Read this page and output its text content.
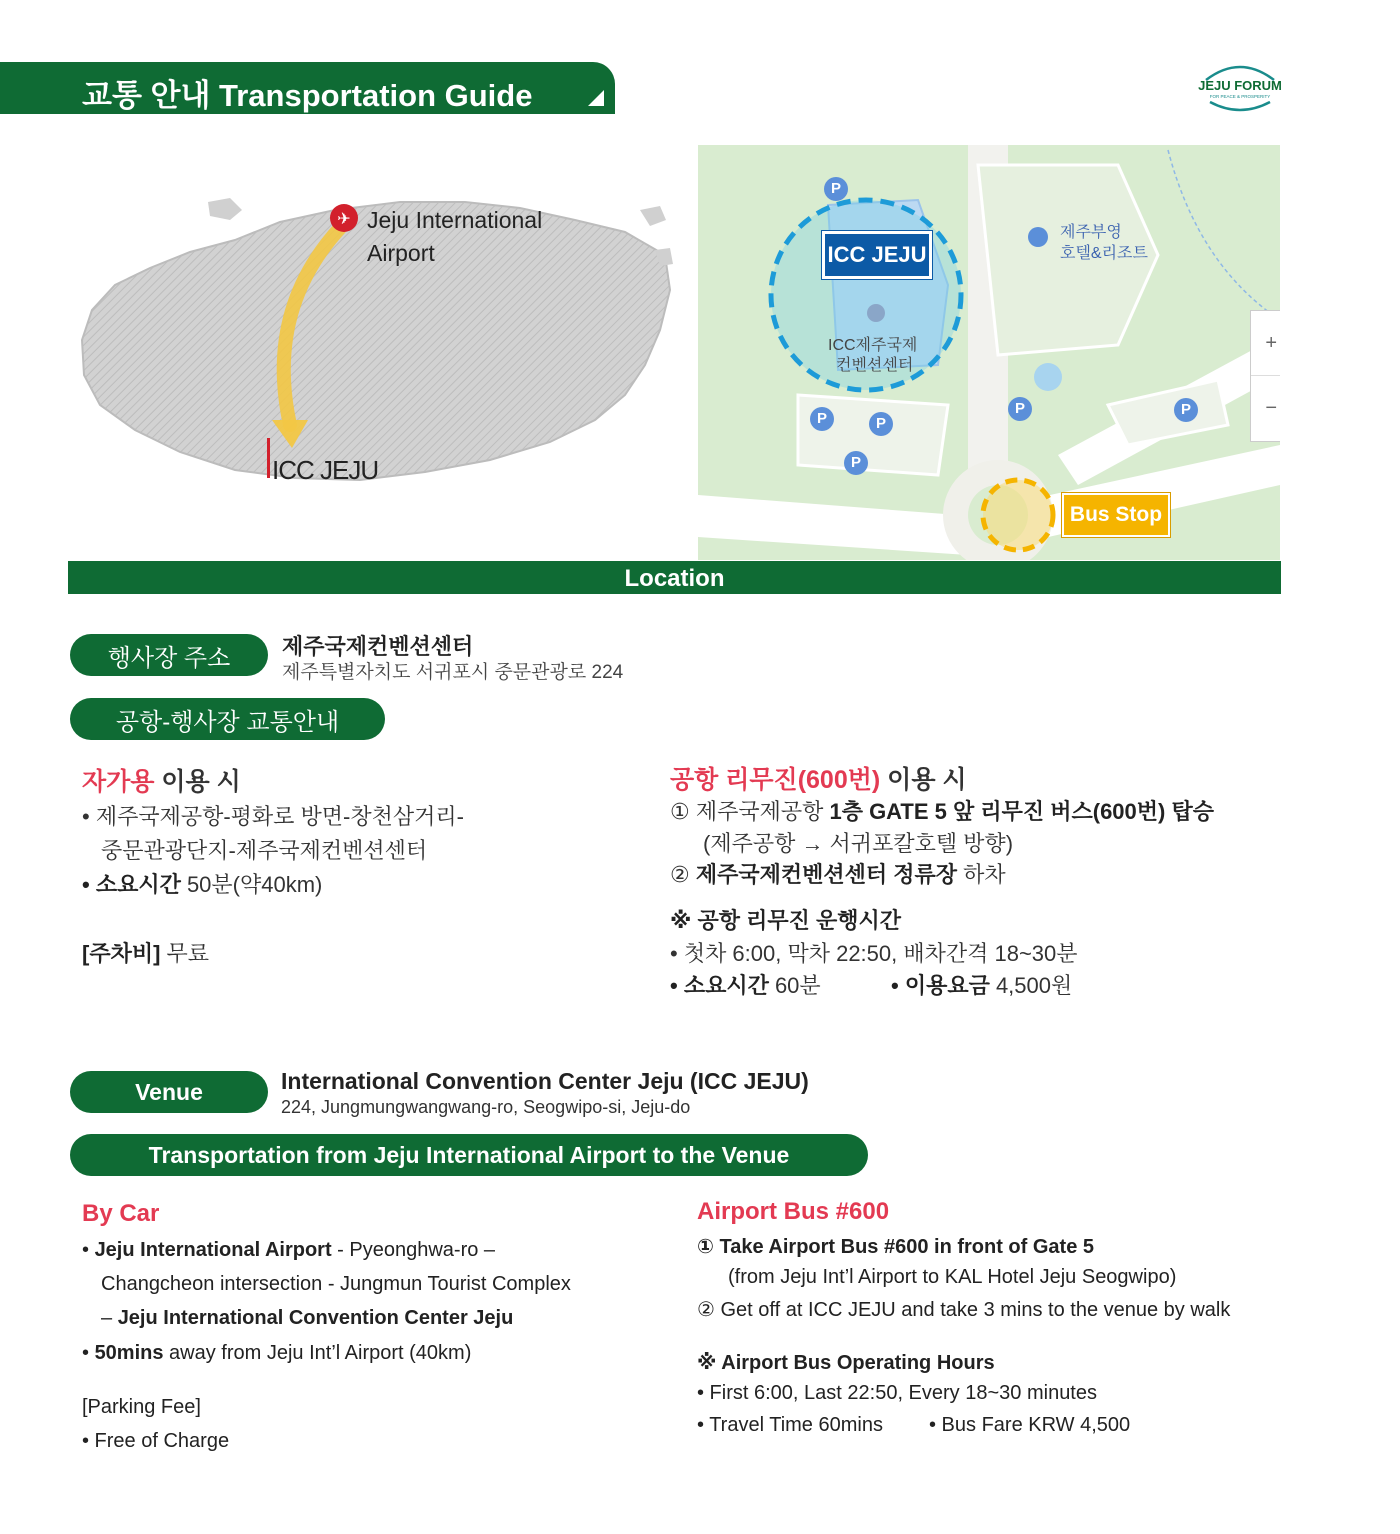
교통 안내 Transportation Guide	JEJU FORUM
FOR PEACE & PROSPERITY
✈ Jeju International
Airport
ICC JEJU
ICC JEJU
ICC제주국제
컨벤션센터
제주부영
호텔&리조트
Bus Stop
P
P	P
P
P	P
+
−
Location
행사장 주소	제주국제컨벤션센터
제주특별자치도 서귀포시 중문관광로 224
공항-행사장 교통안내
자가용 이용 시
• 제주국제공항-평화로 방면-창천삼거리-
중문관광단지-제주국제컨벤션센터
• 소요시간 50분(약40km)
[주차비] 무료
공항 리무진(600번) 이용 시
① 제주국제공항 1층 GATE 5 앞 리무진 버스(600번) 탑승
(제주공항 → 서귀포칼호텔 방향)
② 제주국제컨벤션센터 정류장 하차
※ 공항 리무진 운행시간
• 첫차 6:00, 막차 22:50, 배차간격 18~30분
• 소요시간 60분	• 이용요금 4,500원
Venue	International Convention Center Jeju (ICC JEJU)
224, Jungmungwangwang-ro, Seogwipo-si, Jeju-do
Transportation from Jeju International Airport to the Venue
By Car
• Jeju International Airport - Pyeonghwa-ro –
Changcheon intersection - Jungmun Tourist Complex
– Jeju International Convention Center Jeju
• 50mins away from Jeju Int’l Airport (40km)
[Parking Fee]
• Free of Charge
Airport Bus #600
① Take Airport Bus #600 in front of Gate 5
(from Jeju Int’l Airport to KAL Hotel Jeju Seogwipo)
② Get off at ICC JEJU and take 3 mins to the venue by walk
※ Airport Bus Operating Hours
• First 6:00, Last 22:50, Every 18~30 minutes
• Travel Time 60mins • Bus Fare KRW 4,500
